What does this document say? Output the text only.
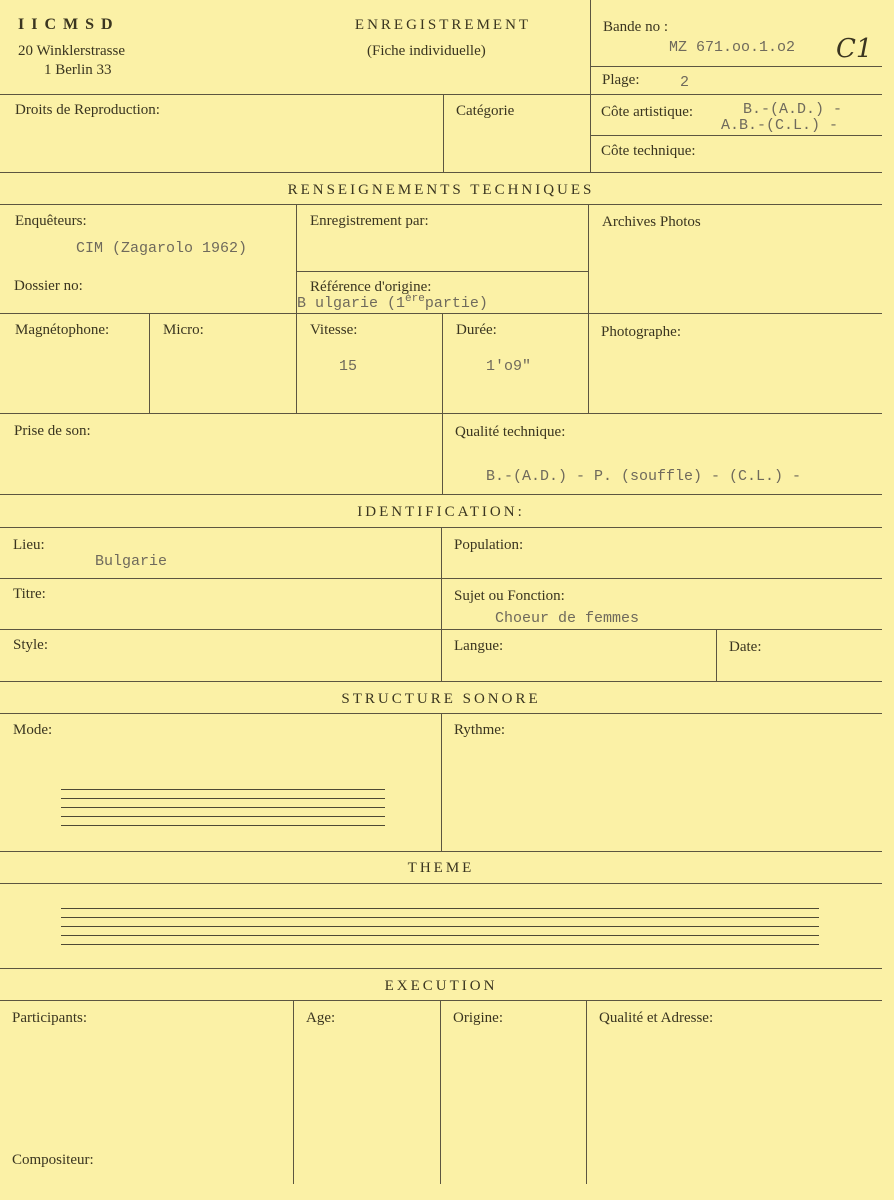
IICMSD
20 Winklerstrasse
1 Berlin 33
ENREGISTREMENT
(Fiche individuelle)
Bande no :
MZ 671.oo.1.o2 C1
Plage:	2
Droits de Reproduction:	Catégorie	Côte artistique:	B.-(A.D.) -
A.B.-(C.L.) -
Côte technique:
RENSEIGNEMENTS TECHNIQUES
Enquêteurs:
CIM (Zagarolo 1962)
Enregistrement par:	Archives Photos
Dossier no:	Référence d'origine:
B ulgarie (1èrepartie)
Magnétophone:	Micro:	Vitesse:
15
Durée:
1'o9"
Photographe:
Prise de son:	Qualité technique:
B.-(A.D.) - P. (souffle) - (C.L.) -
IDENTIFICATION:
Lieu:
Bulgarie
Population:
Titre:	Sujet ou Fonction:
Choeur de femmes
Style:	Langue:	Date:
STRUCTURE SONORE
Mode:	Rythme:
THEME
EXECUTION
Participants:	Age:	Origine:	Qualité et Adresse:
Compositeur:
